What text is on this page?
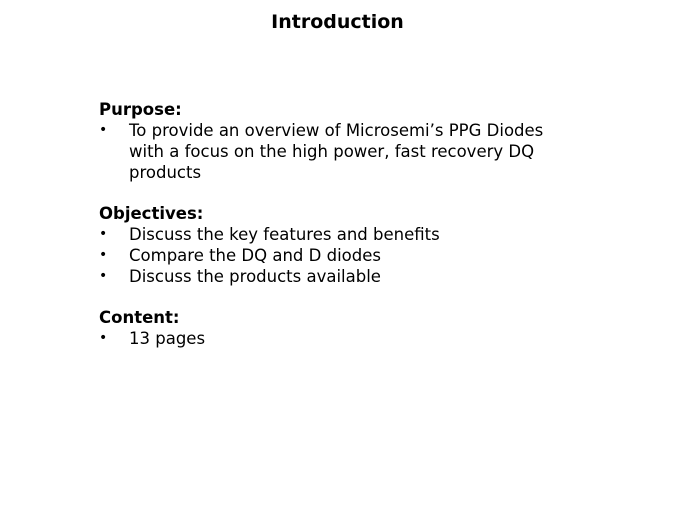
Introduction
Purpose:
• To provide an overview of Microsemi’s PPG Diodes with a focus on the high power, fast recovery DQ products
Objectives:
• Discuss the key features and benefits
• Compare the DQ and D diodes
• Discuss the products available
Content:
• 13 pages
